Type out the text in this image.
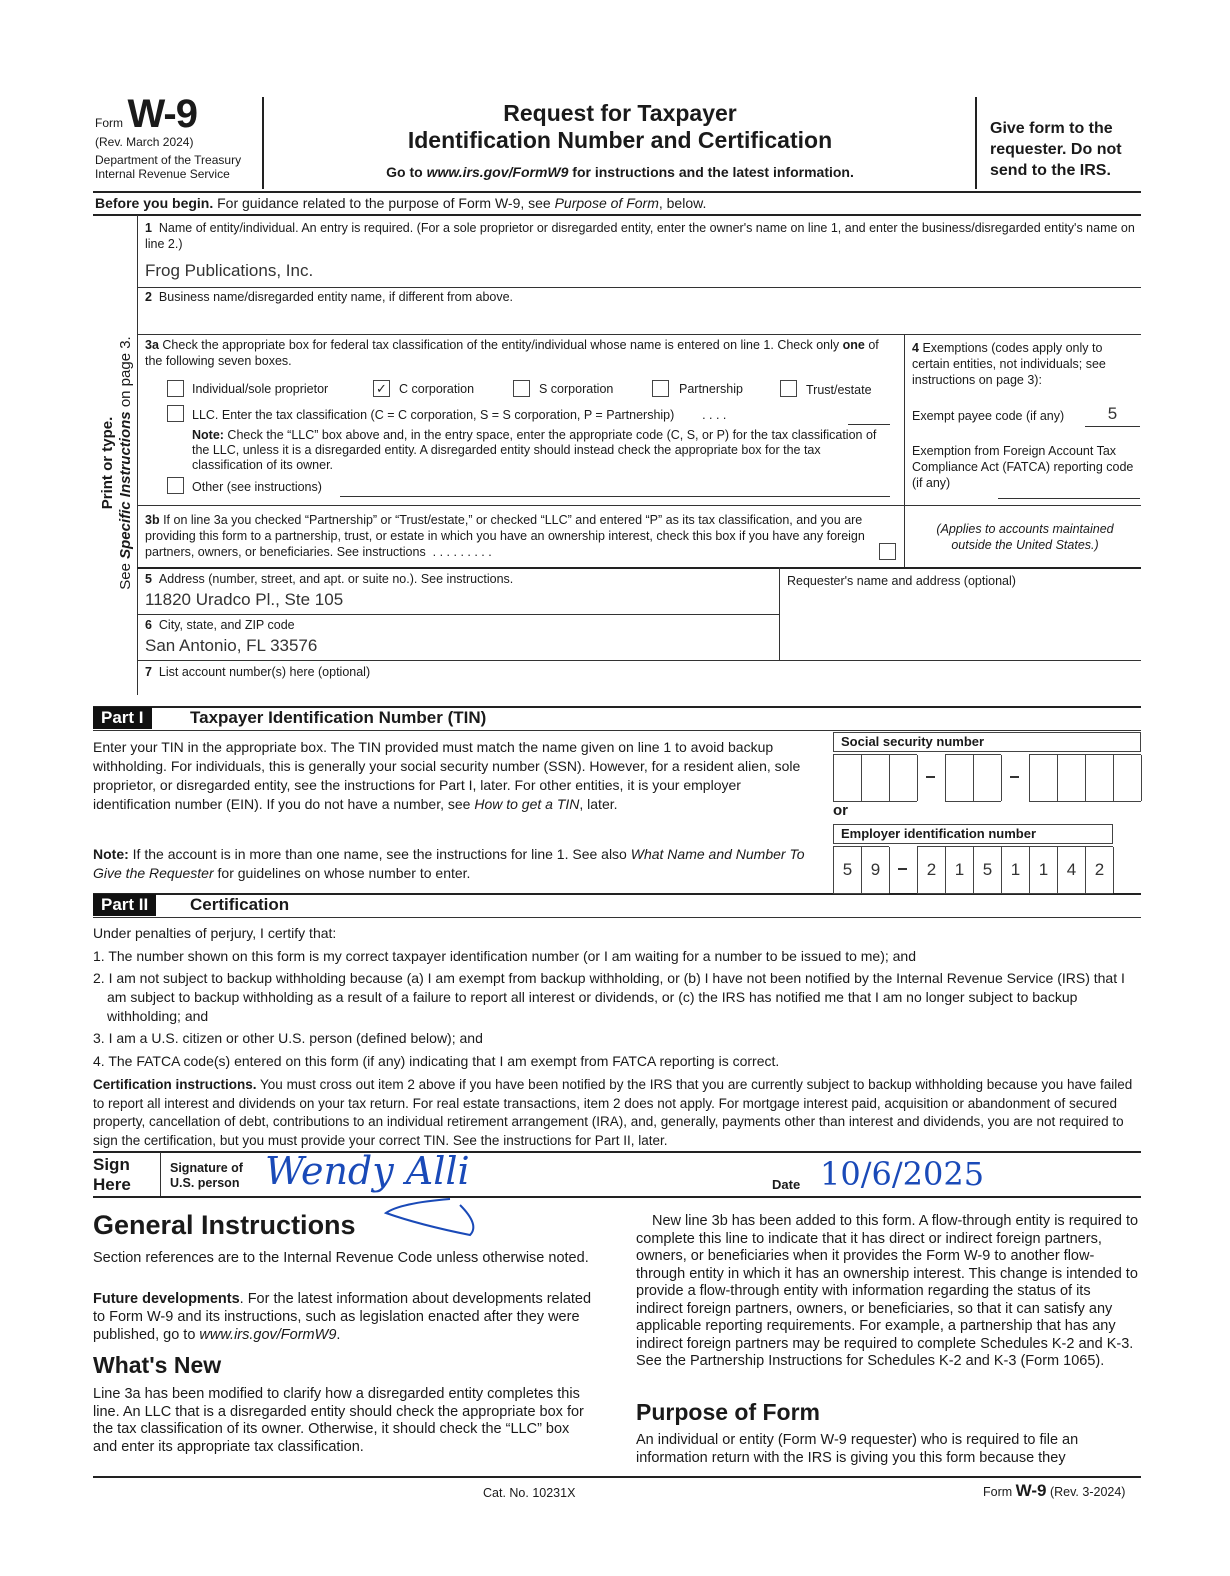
Form W-9
(Rev. March 2024)
Department of the Treasury
Internal Revenue Service
Request for Taxpayer
Identification Number and Certification
Go to www.irs.gov/FormW9 for instructions and the latest information.
Give form to the requester. Do not send to the IRS.
Before you begin. For guidance related to the purpose of Form W-9, see Purpose of Form, below.
Print or type.
See Specific Instructions on page 3.
1 Name of entity/individual. An entry is required. (For a sole proprietor or disregarded entity, enter the owner's name on line 1, and enter the business/disregarded entity's name on line 2.)
Frog Publications, Inc.
2 Business name/disregarded entity name, if different from above.
3a Check the appropriate box for federal tax classification of the entity/individual whose name is entered on line 1. Check only one of the following seven boxes.
Individual/sole proprietor	✓ C corporation	S corporation	Partnership	Trust/estate
LLC. Enter the tax classification (C = C corporation, S = S corporation, P = Partnership) . . . .
Note: Check the “LLC” box above and, in the entry space, enter the appropriate code (C, S, or P) for the tax classification of the LLC, unless it is a disregarded entity. A disregarded entity should instead check the appropriate box for the tax classification of its owner.
Other (see instructions)
4 Exemptions (codes apply only to certain entities, not individuals; see instructions on page 3):
Exempt payee code (if any)	5
Exemption from Foreign Account Tax Compliance Act (FATCA) reporting code (if any)
3b If on line 3a you checked “Partnership” or “Trust/estate,” or checked “LLC” and entered “P” as its tax classification, and you are providing this form to a partnership, trust, or estate in which you have an ownership interest, check this box if you have any foreign partners, owners, or beneficiaries. See instructions . . . . . . . . .
(Applies to accounts maintained outside the United States.)
5 Address (number, street, and apt. or suite no.). See instructions.
11820 Uradco Pl., Ste 105
Requester's name and address (optional)
6 City, state, and ZIP code
San Antonio, FL 33576
7 List account number(s) here (optional)
Part I	Taxpayer Identification Number (TIN)
Enter your TIN in the appropriate box. The TIN provided must match the name given on line 1 to avoid backup withholding. For individuals, this is generally your social security number (SSN). However, for a resident alien, sole proprietor, or disregarded entity, see the instructions for Part I, later. For other entities, it is your employer identification number (EIN). If you do not have a number, see How to get a TIN, later.
Note: If the account is in more than one name, see the instructions for line 1. See also What Name and Number To Give the Requester for guidelines on whose number to enter.
Social security number
or
Employer identification number
Part II	Certification
Under penalties of perjury, I certify that:
1. The number shown on this form is my correct taxpayer identification number (or I am waiting for a number to be issued to me); and
2. I am not subject to backup withholding because (a) I am exempt from backup withholding, or (b) I have not been notified by the Internal Revenue Service (IRS) that I am subject to backup withholding as a result of a failure to report all interest or dividends, or (c) the IRS has notified me that I am no longer subject to backup withholding; and
3. I am a U.S. citizen or other U.S. person (defined below); and
4. The FATCA code(s) entered on this form (if any) indicating that I am exempt from FATCA reporting is correct.
Certification instructions. You must cross out item 2 above if you have been notified by the IRS that you are currently subject to backup withholding because you have failed to report all interest and dividends on your tax return. For real estate transactions, item 2 does not apply. For mortgage interest paid, acquisition or abandonment of secured property, cancellation of debt, contributions to an individual retirement arrangement (IRA), and, generally, payments other than interest and dividends, you are not required to sign the certification, but you must provide your correct TIN. See the instructions for Part II, later.
Sign Here
Signature of U.S. person Wendy Alli	Date 10/6/2025
General Instructions
Section references are to the Internal Revenue Code unless otherwise noted.
Future developments. For the latest information about developments related to Form W-9 and its instructions, such as legislation enacted after they were published, go to www.irs.gov/FormW9.
What's New
Line 3a has been modified to clarify how a disregarded entity completes this line. An LLC that is a disregarded entity should check the appropriate box for the tax classification of its owner. Otherwise, it should check the “LLC” box and enter its appropriate tax classification.
New line 3b has been added to this form. A flow-through entity is required to complete this line to indicate that it has direct or indirect foreign partners, owners, or beneficiaries when it provides the Form W-9 to another flow-through entity in which it has an ownership interest. This change is intended to provide a flow-through entity with information regarding the status of its indirect foreign partners, owners, or beneficiaries, so that it can satisfy any applicable reporting requirements. For example, a partnership that has any indirect foreign partners may be required to complete Schedules K-2 and K-3. See the Partnership Instructions for Schedules K-2 and K-3 (Form 1065).
Purpose of Form
An individual or entity (Form W-9 requester) who is required to file an information return with the IRS is giving you this form because they
Cat. No. 10231X	Form W-9 (Rev. 3-2024)
5	9	2	1	5	1	1	4	2
